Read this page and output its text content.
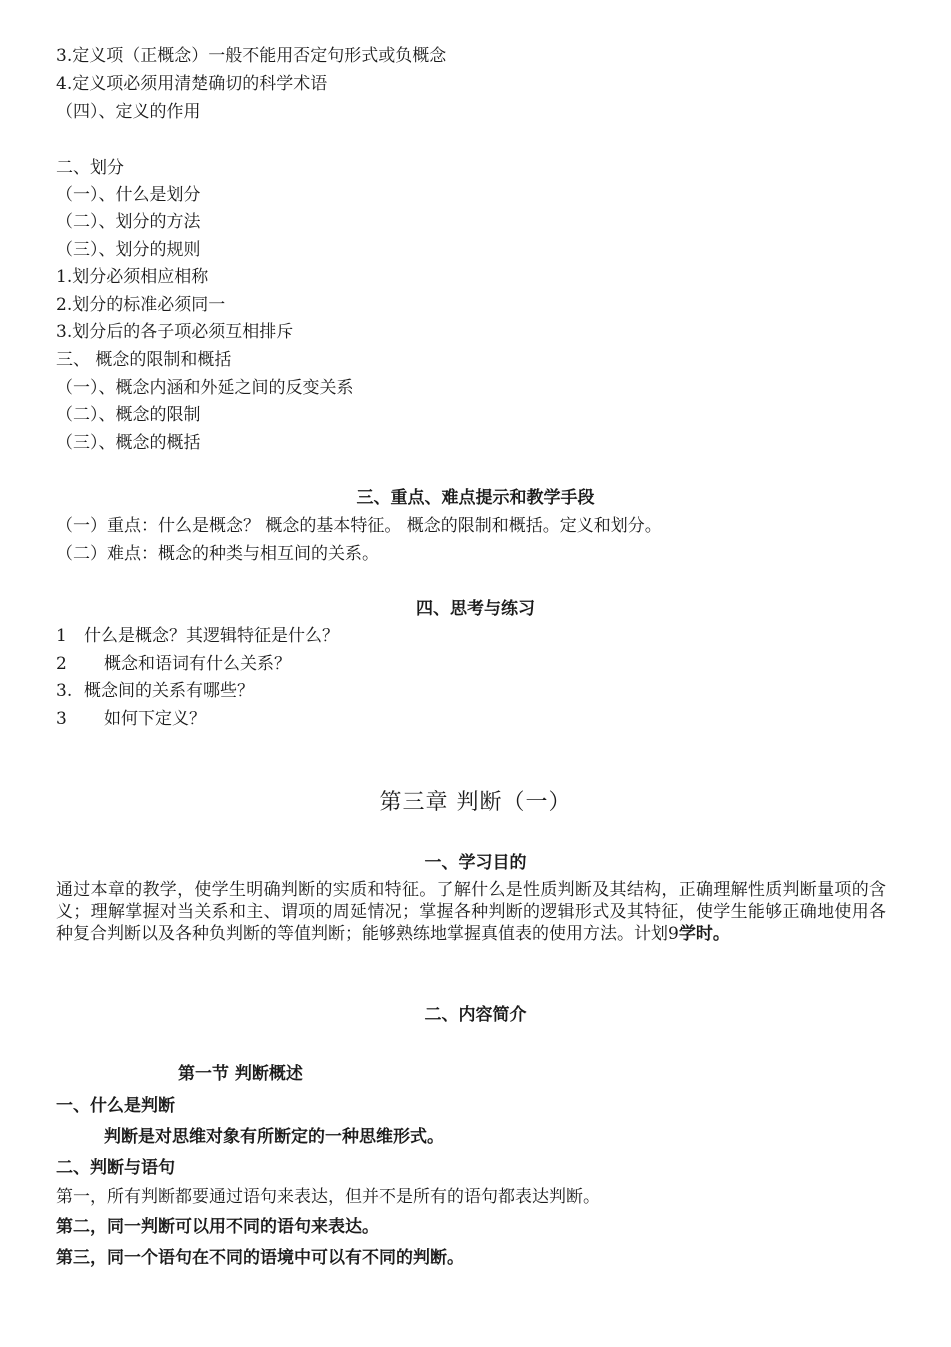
3.定义项（正概念）一般不能用否定句形式或负概念
4.定义项必须用清楚确切的科学术语
（四）、定义的作用
二、划分
（一）、什么是划分
（二）、划分的方法
（三）、划分的规则
1.划分必须相应相称
2.划分的标准必须同一
3.划分后的各子项必须互相排斥
三、 概念的限制和概括
（一）、概念内涵和外延之间的反变关系
（二）、概念的限制
（三）、概念的概括
三、重点、难点提示和教学手段
（一）重点：什么是概念？ 概念的基本特征。 概念的限制和概括。定义和划分。
（二）难点：概念的种类与相互间的关系。
四、思考与练习
1 什么是概念？其逻辑特征是什么？
2 概念和语词有什么关系？
3. 概念间的关系有哪些？
3 如何下定义？
第三章 判断（一）
一、学习目的
通过本章的教学，使学生明确判断的实质和特征。了解什么是性质判断及其结构，正确理解性质判断量项的含义；理解掌握对当关系和主、谓项的周延情况；掌握各种判断的逻辑形式及其特征，使学生能够正确地使用各种复合判断以及各种负判断的等值判断；能够熟练地掌握真值表的使用方法。计划9学时。
二、内容简介
第一节 判断概述
一、什么是判断
判断是对思维对象有所断定的一种思维形式。
二、判断与语句
第一，所有判断都要通过语句来表达，但并不是所有的语句都表达判断。
第二，同一判断可以用不同的语句来表达。
第三，同一个语句在不同的语境中可以有不同的判断。
